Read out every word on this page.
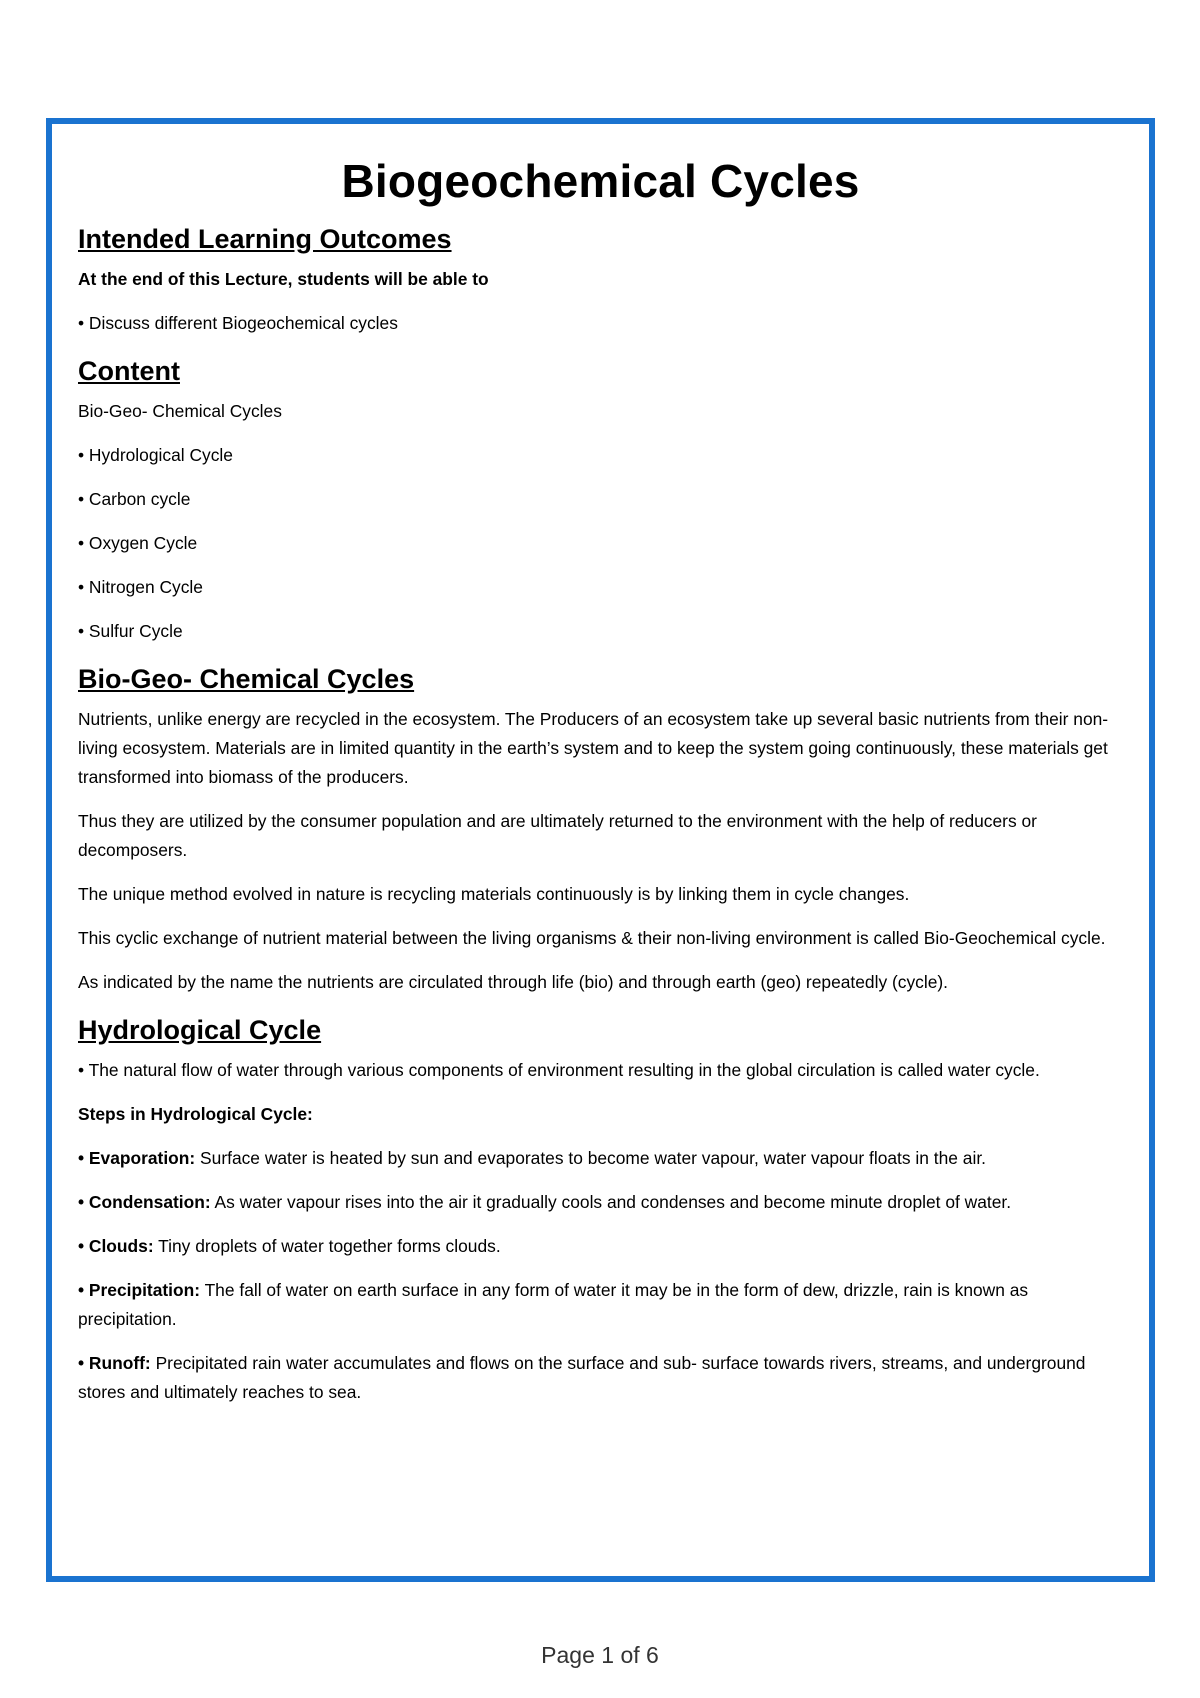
Biogeochemical Cycles
Intended Learning Outcomes

At the end of this Lecture, students will be able to

• Discuss different Biogeochemical cycles

Content

Bio-Geo- Chemical Cycles

• Hydrological Cycle

• Carbon cycle

• Oxygen Cycle

• Nitrogen Cycle

• Sulfur Cycle

Bio-Geo- Chemical Cycles

Nutrients, unlike energy are recycled in the ecosystem. The Producers of an ecosystem take up several basic nutrients from their non-living ecosystem. Materials are in limited quantity in the earth’s system and to keep the system going continuously, these materials get transformed into biomass of the producers.

Thus they are utilized by the consumer population and are ultimately returned to the environment with the help of reducers or decomposers.

The unique method evolved in nature is recycling materials continuously is by linking them in cycle changes.

This cyclic exchange of nutrient material between the living organisms & their non-living environment is called Bio-Geochemical cycle.

As indicated by the name the nutrients are circulated through life (bio) and through earth (geo) repeatedly (cycle).

Hydrological Cycle

• The natural flow of water through various components of environment resulting in the global circulation is called water cycle.

Steps in Hydrological Cycle:

• Evaporation: Surface water is heated by sun and evaporates to become water vapour, water vapour floats in the air.

• Condensation: As water vapour rises into the air it gradually cools and condenses and become minute droplet of water.

• Clouds: Tiny droplets of water together forms clouds.

• Precipitation: The fall of water on earth surface in any form of water it may be in the form of dew, drizzle, rain is known as precipitation.

• Runoff: Precipitated rain water accumulates and flows on the surface and sub- surface towards rivers, streams, and underground stores and ultimately reaches to sea.

Page 1 of 6
